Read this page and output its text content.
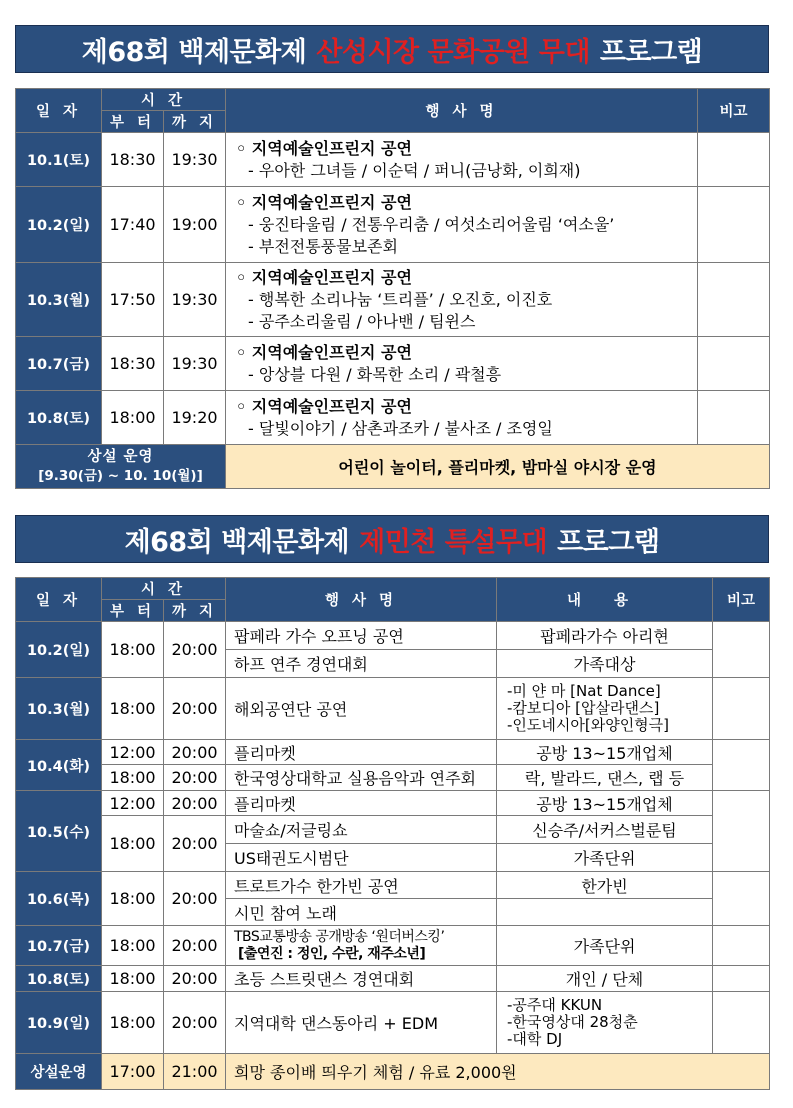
제68회 백제문화제 산성시장 문화공원 무대 프로그램
일 자	시 간		행 사 명	비고
	부 터	까 지		
10.1(토)	18:30	19:30	◦ 지역예술인프린지 공연
- 우아한 그녀들 / 이순덕 / 퍼니(금낭화, 이희재)	

10.2(일)	17:40	19:00	◦ 지역예술인프린지 공연
- 웅진타울림 / 전통우리춤 / 여섯소리어울림 ‘여소울’
- 부전전통풍물보존회	

10.3(월)	17:50	19:30	◦ 지역예술인프린지 공연
- 행복한 소리나눔 ‘트리플’ / 오진호, 이진호
- 공주소리울림 / 아나밴 / 팀윈스	

10.7(금)	18:30	19:30	◦ 지역예술인프린지 공연
- 앙상블 다원 / 화목한 소리 / 곽철흥	

10.8(토)	18:00	19:20	◦ 지역예술인프린지 공연
- 달빛이야기 / 삼촌과조카 / 불사조 / 조영일	

상설 운영
[9.30(금) ~ 10. 10(월)]			어린이 놀이터, 플리마켓, 밤마실 야시장 운영	
제68회 백제문화제 제민천 특설무대 프로그램
일 자	시 간		행 사 명	내 용	비고
	부 터	까 지			
10.2(일)	18:00	20:00	팝페라 가수 오프닝 공연	팝페라가수 아리현	
			하프 연주 경연대회	가족대상	
10.3(월)	18:00	20:00	해외공연단 공연	-미 얀 마 [Nat Dance]
-캄보디아 [압살라댄스]
-인도네시아[와양인형극]	

10.4(화)	12:00	20:00	플리마켓	공방 13~15개업체	
	18:00	20:00	한국영상대학교 실용음악과 연주회	락, 발라드, 댄스, 랩 등	
10.5(수)	12:00	20:00	플리마켓	공방 13~15개업체	
	18:00	20:00	마술쇼/저글링쇼	신승주/서커스벌룬팀	
			US태권도시범단	가족단위	
10.6(목)	18:00	20:00	트로트가수 한가빈 공연	한가빈	
			시민 참여 노래		
10.7(금)	18:00	20:00	TBS교통방송 공개방송 ‘원더버스킹’
[출연진 : 정인, 수란, 재주소년]	가족단위	
10.8(토)	18:00	20:00	초등 스트릿댄스 경연대회	개인 / 단체	
10.9(일)	18:00	20:00	지역대학 댄스동아리 + EDM	-공주대 KKUN
-한국영상대 28청춘
-대학 DJ	

상설운영	17:00	21:00	희망 종이배 띄우기 체험 / 유료 2,000원		
